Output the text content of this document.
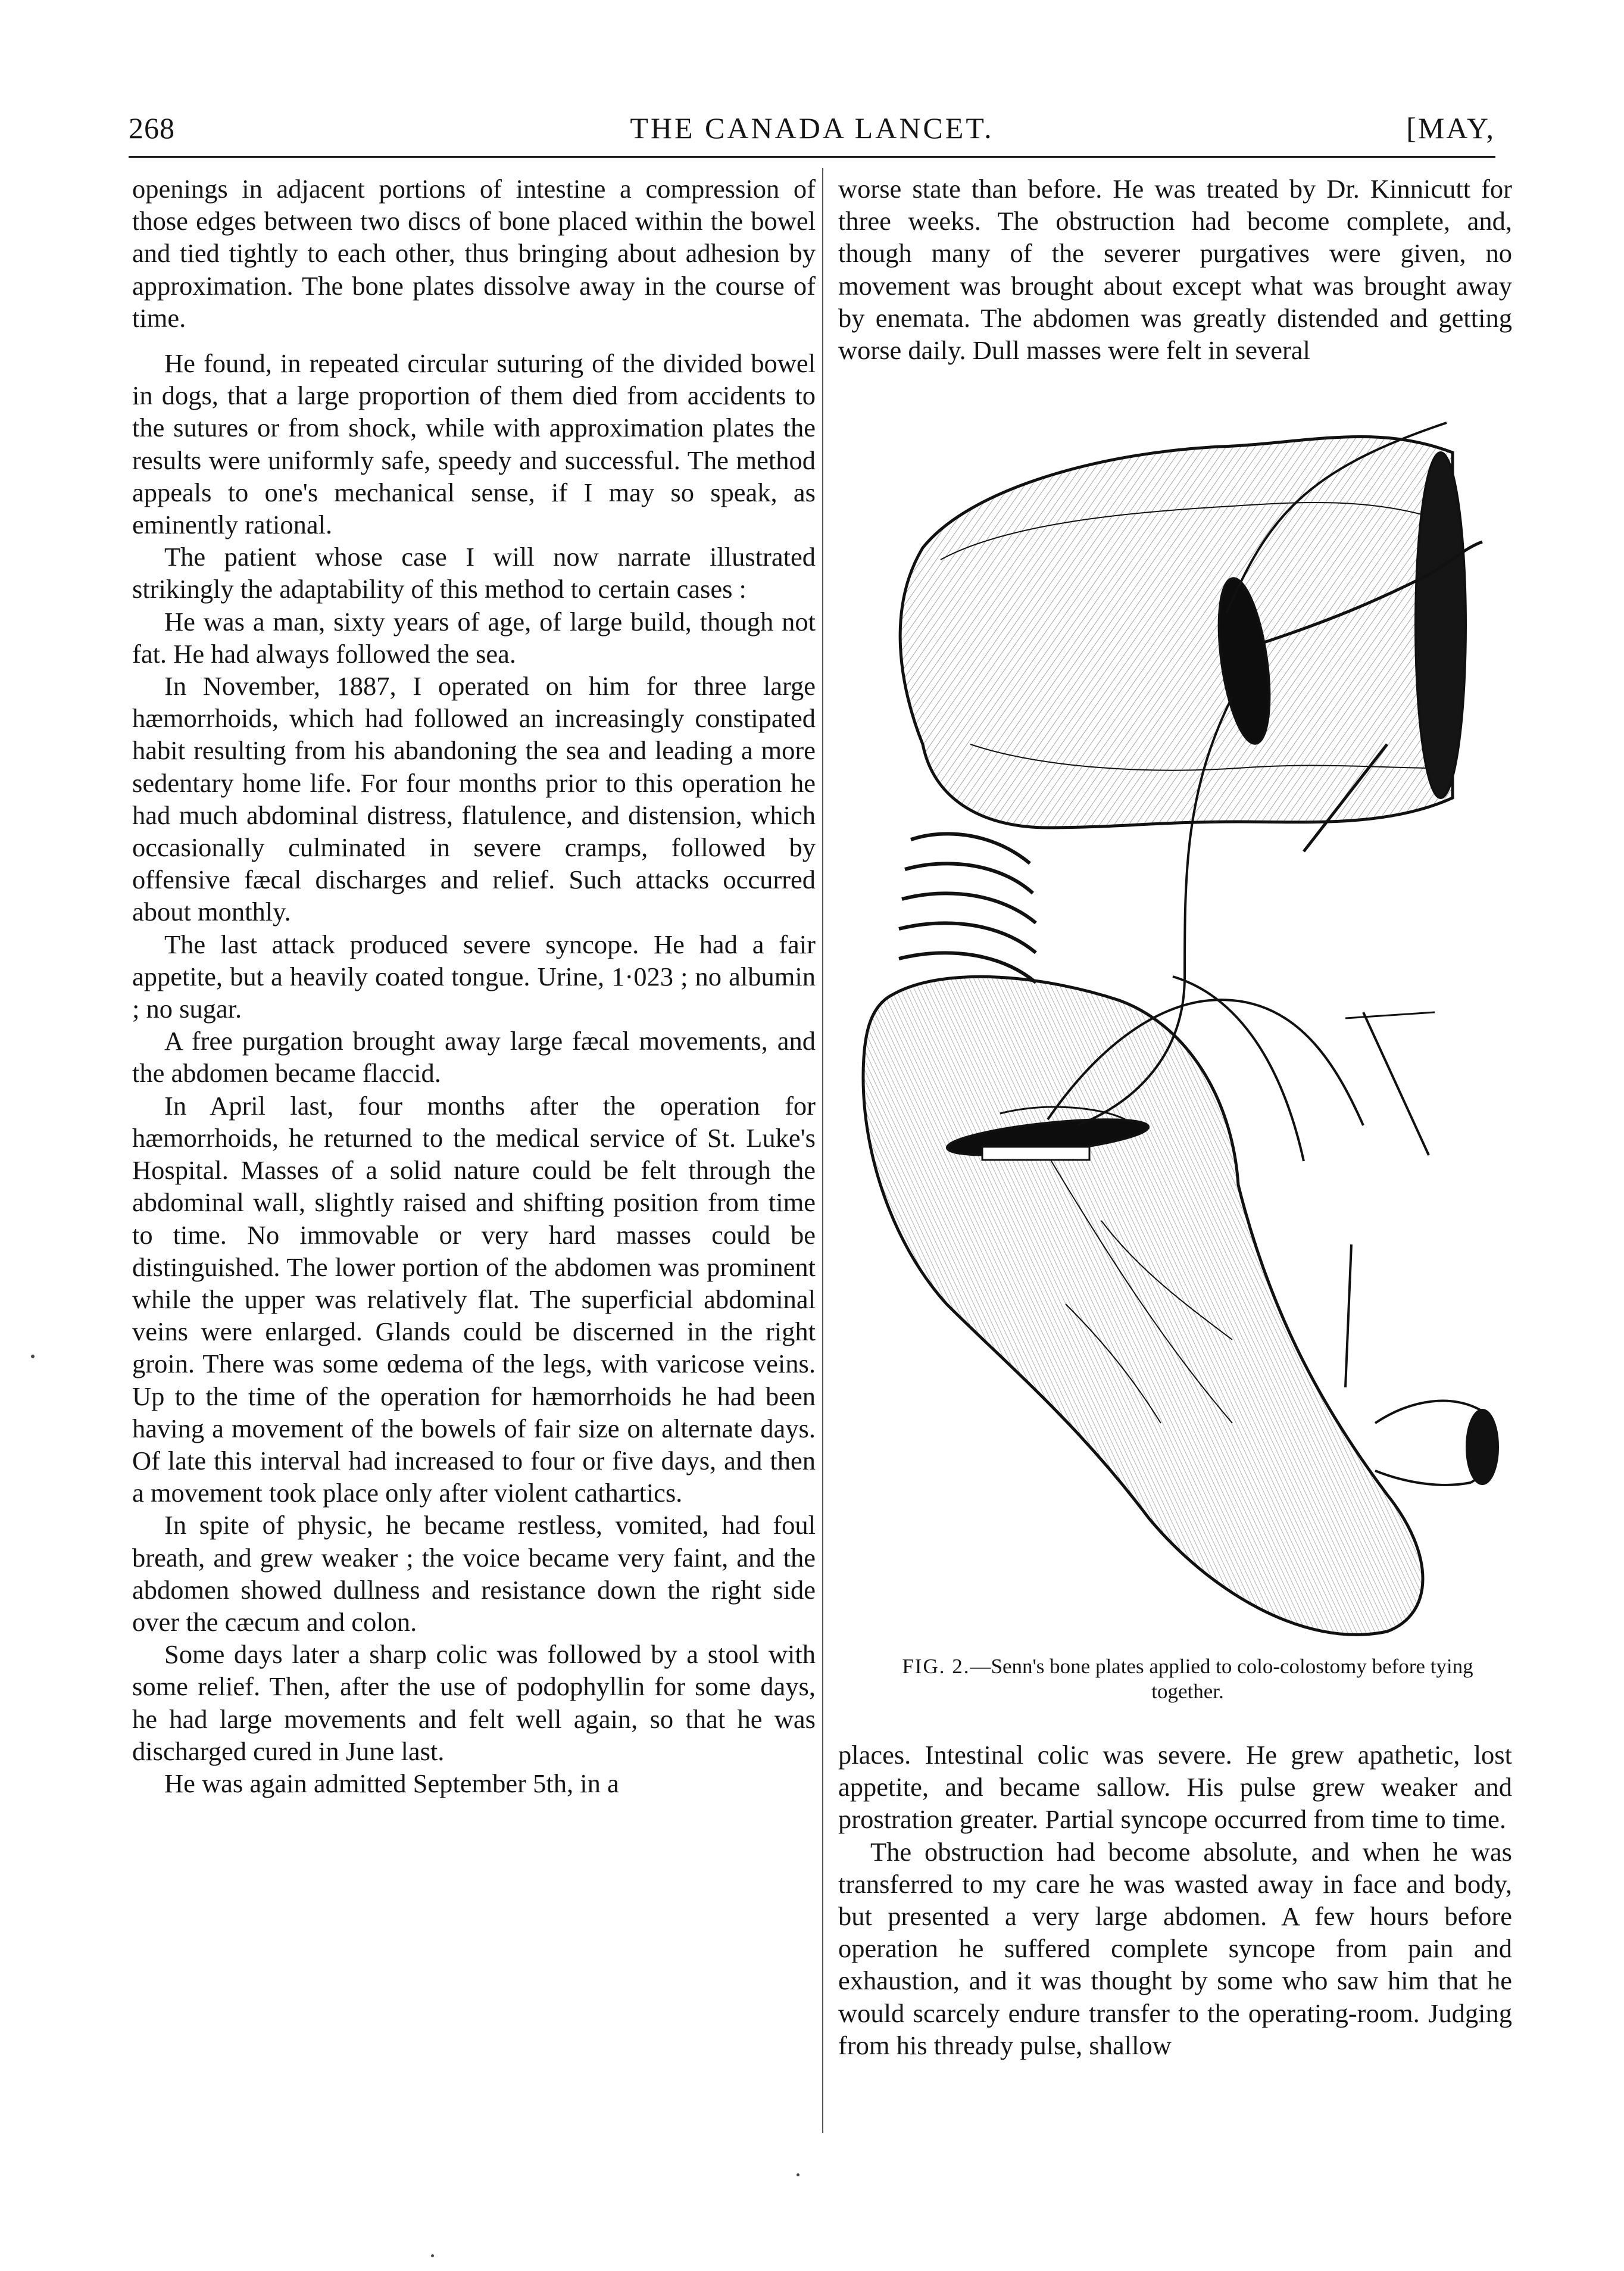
268	THE CANADA LANCET.	[MAY,

openings in adjacent portions of intestine a compression of those edges between two discs of bone placed within the bowel and tied tightly to each other, thus bringing about adhesion by approximation. The bone plates dissolve away in the course of time.

He found, in repeated circular suturing of the divided bowel in dogs, that a large proportion of them died from accidents to the sutures or from shock, while with approximation plates the results were uniformly safe, speedy and successful. The method appeals to one's mechanical sense, if I may so speak, as eminently rational.

The patient whose case I will now narrate illustrated strikingly the adaptability of this method to certain cases :

He was a man, sixty years of age, of large build, though not fat. He had always followed the sea.

In November, 1887, I operated on him for three large hæmorrhoids, which had followed an increasingly constipated habit resulting from his abandoning the sea and leading a more sedentary home life. For four months prior to this operation he had much abdominal distress, flatulence, and distension, which occasionally culminated in severe cramps, followed by offensive fæcal discharges and relief. Such attacks occurred about monthly.

The last attack produced severe syncope. He had a fair appetite, but a heavily coated tongue. Urine, 1·023 ; no albumin ; no sugar.

A free purgation brought away large fæcal movements, and the abdomen became flaccid.

In April last, four months after the operation for hæmorrhoids, he returned to the medical service of St. Luke's Hospital. Masses of a solid nature could be felt through the abdominal wall, slightly raised and shifting position from time to time. No immovable or very hard masses could be distinguished. The lower portion of the abdomen was prominent while the upper was relatively flat. The superficial abdominal veins were enlarged. Glands could be discerned in the right groin. There was some œdema of the legs, with varicose veins. Up to the time of the operation for hæmorrhoids he had been having a movement of the bowels of fair size on alternate days. Of late this interval had increased to four or five days, and then a movement took place only after violent cathartics.

In spite of physic, he became restless, vomited, had foul breath, and grew weaker ; the voice became very faint, and the abdomen showed dullness and resistance down the right side over the cæcum and colon.

Some days later a sharp colic was followed by a stool with some relief. Then, after the use of podophyllin for some days, he had large movements and felt well again, so that he was discharged cured in June last.

He was again admitted September 5th, in a

worse state than before. He was treated by Dr. Kinnicutt for three weeks. The obstruction had become complete, and, though many of the severer purgatives were given, no movement was brought about except what was brought away by enemata. The abdomen was greatly distended and getting worse daily. Dull masses were felt in several

FIG. 2.—Senn's bone plates applied to colo-colostomy before tying together.

places. Intestinal colic was severe. He grew apathetic, lost appetite, and became sallow. His pulse grew weaker and prostration greater. Partial syncope occurred from time to time.

The obstruction had become absolute, and when he was transferred to my care he was wasted away in face and body, but presented a very large abdomen. A few hours before operation he suffered complete syncope from pain and exhaustion, and it was thought by some who saw him that he would scarcely endure transfer to the operating-room. Judging from his thready pulse, shallow
